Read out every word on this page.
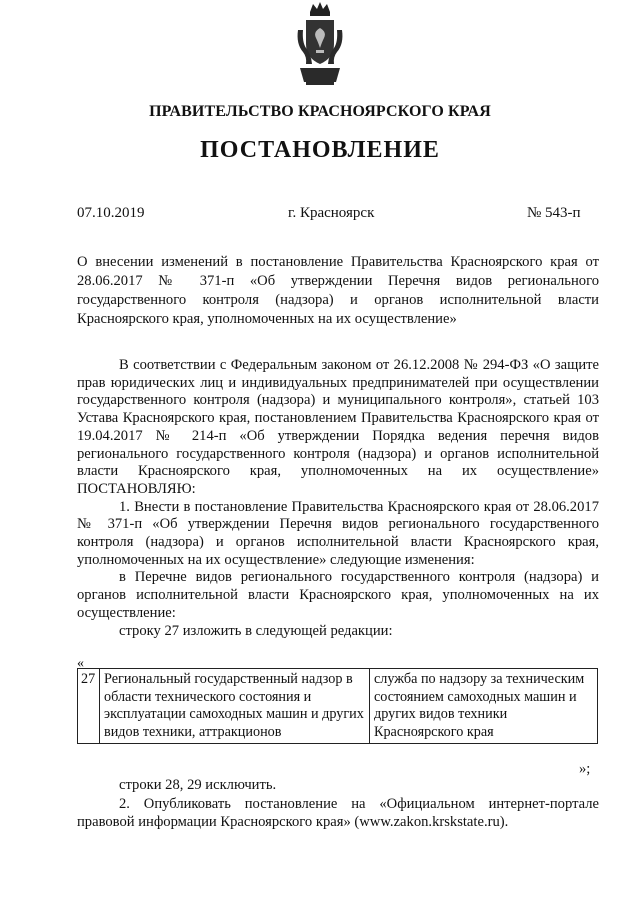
ПРАВИТЕЛЬСТВО КРАСНОЯРСКОГО КРАЯ
ПОСТАНОВЛЕНИЕ
07.10.2019	г. Красноярск	№ 543-п
О внесении изменений в постановление Правительства Красноярского края от 28.06.2017 № 371-п «Об утверждении Перечня видов регионального государственного контроля (надзора) и органов исполнительной власти Красноярского края, уполномоченных на их осуществление»

В соответствии с Федеральным законом от 26.12.2008 № 294-ФЗ «О защите прав юридических лиц и индивидуальных предпринимателей при осуществлении государственного контроля (надзора) и муниципального контроля», статьей 103 Устава Красноярского края, постановлением Правительства Красноярского края от 19.04.2017 № 214-п «Об утверждении Порядка ведения перечня видов регионального государственного контроля (надзора) и органов исполнительной власти Красноярского края, уполномоченных на их осуществление» ПОСТАНОВЛЯЮ:

1. Внести в постановление Правительства Красноярского края от 28.06.2017 № 371-п «Об утверждении Перечня видов регионального государственного контроля (надзора) и органов исполнительной власти Красноярского края, уполномоченных на их осуществление» следующие изменения:

в Перечне видов регионального государственного контроля (надзора) и органов исполнительной власти Красноярского края, уполномоченных на их осуществление:

строку 27 изложить в следующей редакции:

«
27	Региональный государственный надзор в области технического состояния и эксплуатации самоходных машин и других видов техники, аттракционов	служба по надзору за техническим состоянием самоходных машин и других видов техники Красноярского края
»;

строки 28, 29 исключить.

2. Опубликовать постановление на «Официальном интернет-портале правовой информации Красноярского края» (www.zakon.krskstate.ru).
